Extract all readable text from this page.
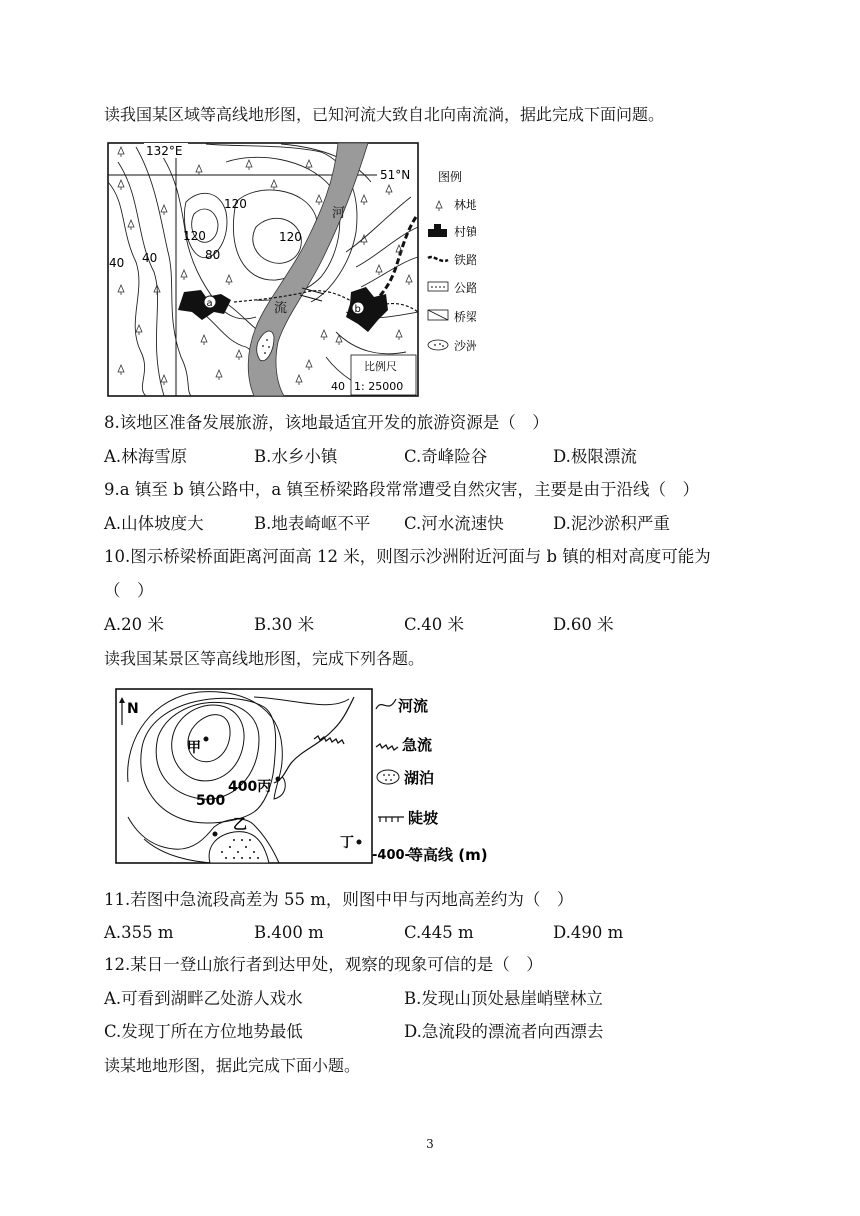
读我国某区域等高线地形图，已知河流大致自北向南流淌，据此完成下面问题。
a
b
132°E
51°N
120
120	120
80
40 40
河
流
比例尺
40 1: 25000
图例
林地
村镇
铁路
公路
桥梁
沙洲
8.该地区准备发展旅游，该地最适宜开发的旅游资源是（　）
A.林海雪原	B.水乡小镇	C.奇峰险谷	D.极限漂流
9.a 镇至 b 镇公路中，a 镇至桥梁路段常常遭受自然灾害，主要是由于沿线（　）
A.山体坡度大	B.地表崎岖不平 C.河水流速快	D.泥沙淤积严重
10.图示桥梁桥面距离河面高 12 米，则图示沙洲附近河面与 b 镇的相对高度可能为
（　）
A.20 米	B.30 米	C.40 米	D.60 米
读我国某景区等高线地形图，完成下列各题。
N
甲
乙
400丙
500
丁
河流
急流
湖泊
陡坡
-400-
等高线 (m)
11.若图中急流段高差为 55 m，则图中甲与丙地高差约为（　）
A.355 m	B.400 m	C.445 m	D.490 m
12.某日一登山旅行者到达甲处，观察的现象可信的是（　）
A.可看到湖畔乙处游人戏水	B.发现山顶处悬崖峭壁林立
C.发现丁所在方位地势最低	D.急流段的漂流者向西漂去
读某地地形图，据此完成下面小题。
3
